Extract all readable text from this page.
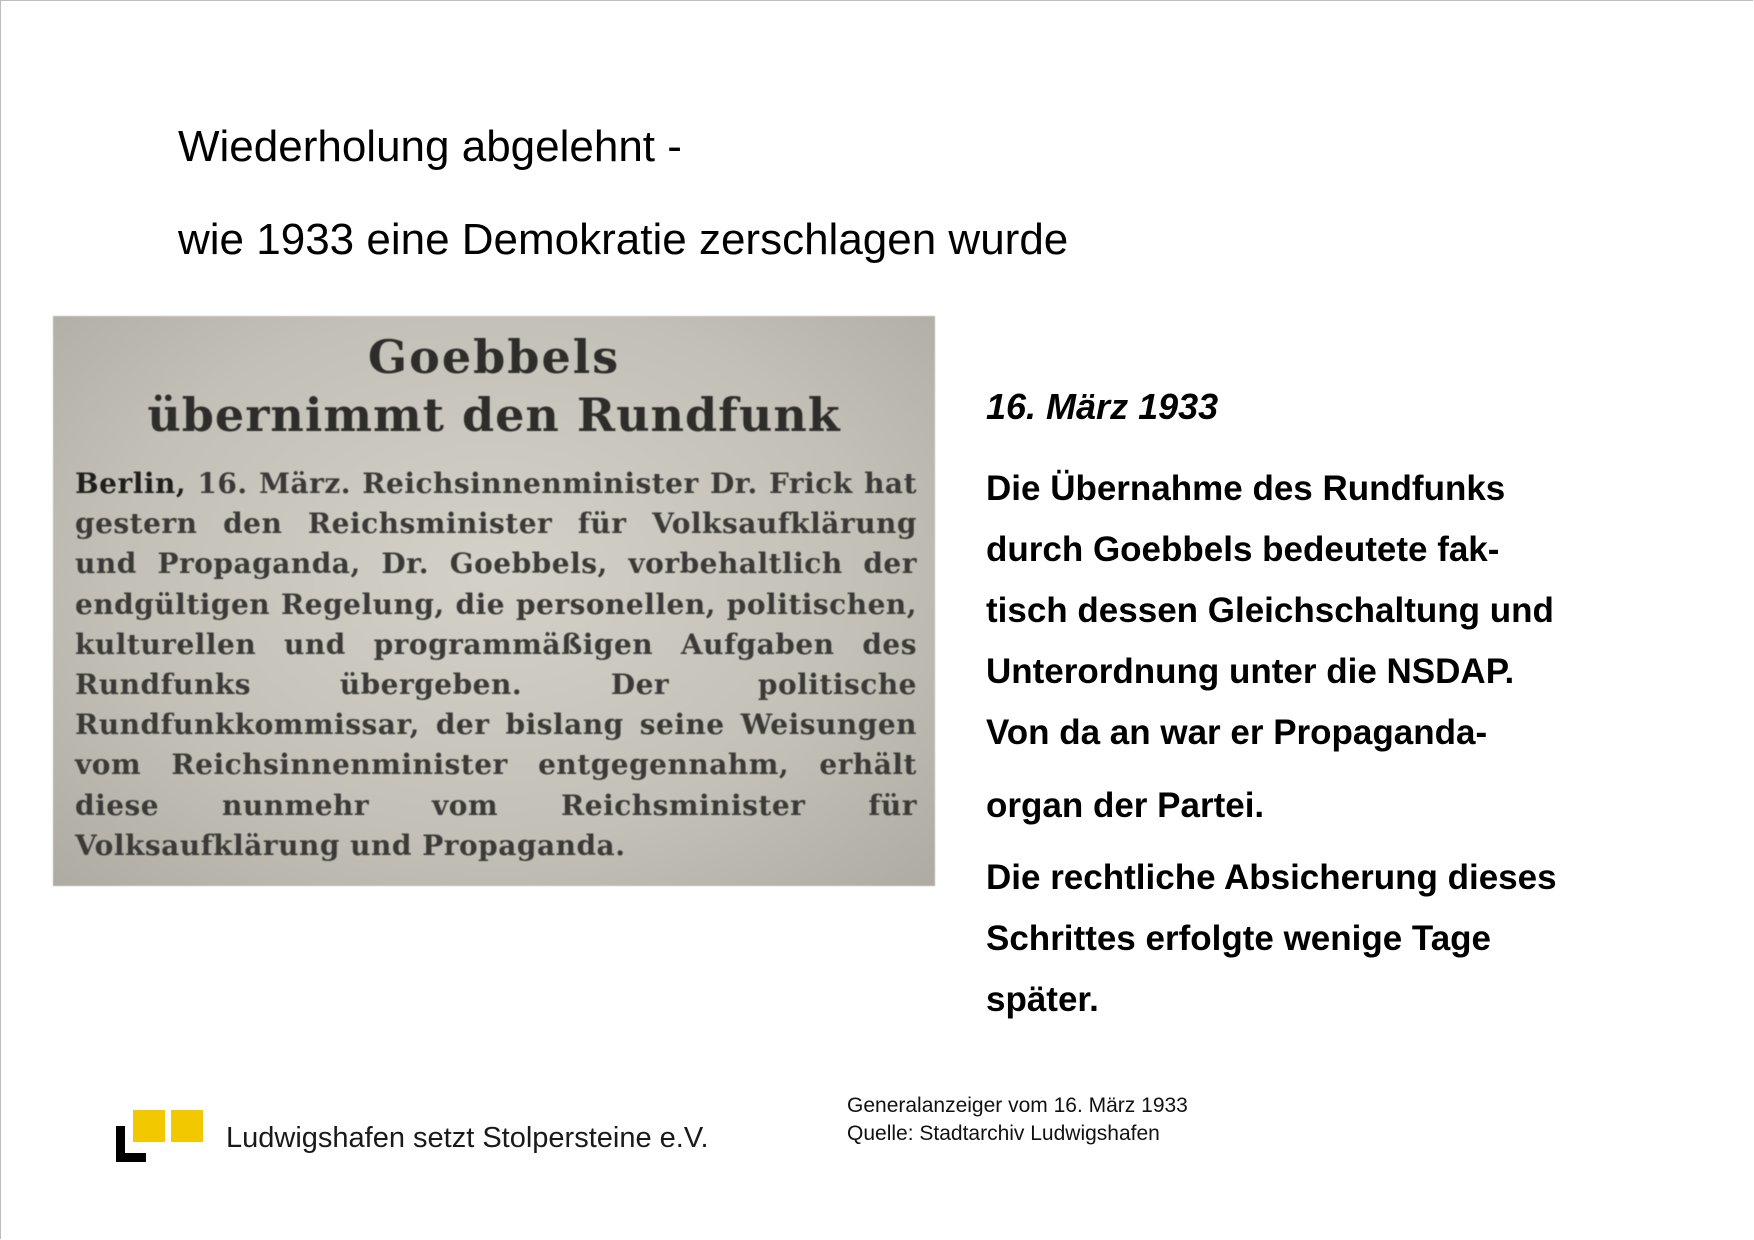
Wiederholung abgelehnt -
wie 1933 eine Demokratie zerschlagen wurde

Goebbels

übernimmt den Rundfunk

Berlin, 16. März. Reichsinnenminister Dr. Frick hat gestern den Reichsminister für Volksaufklärung und Propaganda, Dr. Goebbels, vorbehaltlich der endgültigen Regelung, die personellen, politischen, kulturellen und programmäßigen Aufgaben des Rundfunks übergeben. Der politische Rundfunkkommissar, der bislang seine Weisungen vom Reichsinnenminister entgegennahm, erhält diese nunmehr vom Reichsminister für Volksaufklärung und Propaganda.

16. März 1933

Die Übernahme des Rundfunks
durch Goebbels bedeutete fak-
tisch dessen Gleichschaltung und
Unterordnung unter die NSDAP.
Von da an war er Propaganda-
organ der Partei.

Die rechtliche Absicherung dieses
Schrittes erfolgte wenige Tage
später.

Ludwigshafen setzt Stolpersteine e.V.

Generalanzeiger vom 16. März 1933
Quelle: Stadtarchiv Ludwigshafen
